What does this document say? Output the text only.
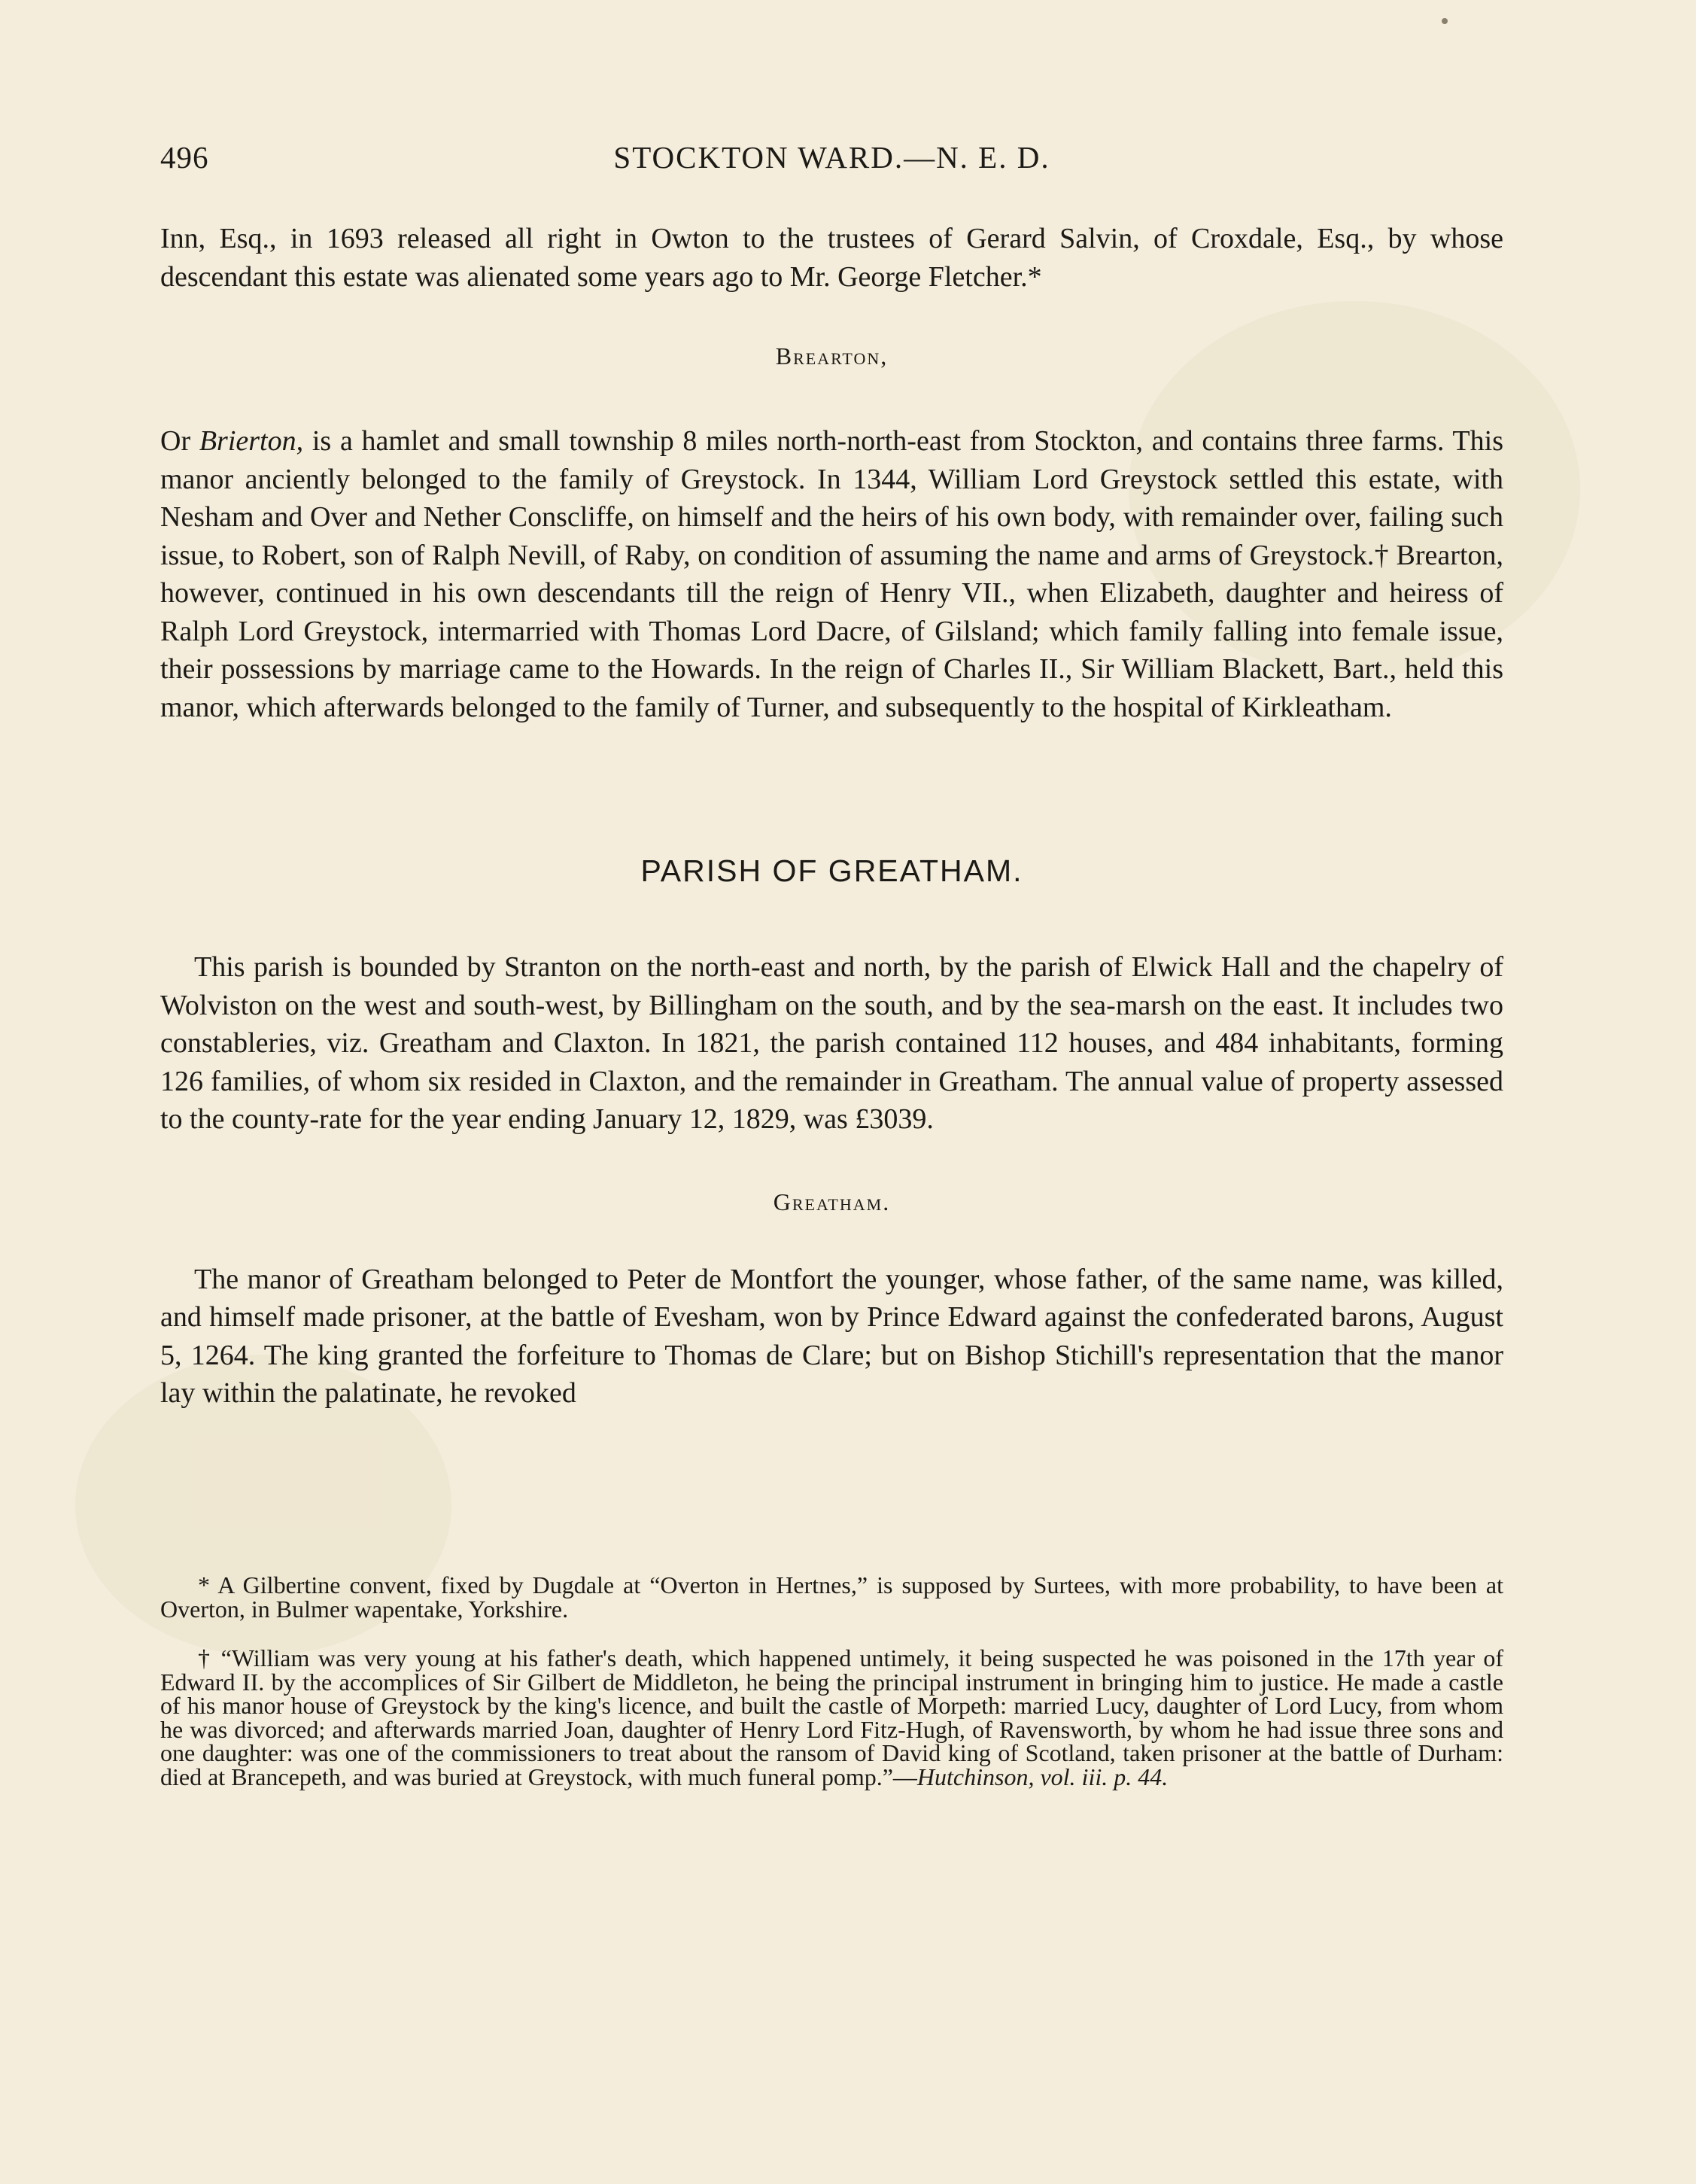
496	STOCKTON WARD.—N. E. D.

Inn, Esq., in 1693 released all right in Owton to the trustees of Gerard Salvin, of Croxdale, Esq., by whose descendant this estate was alienated some years ago to Mr. George Fletcher.*

Brearton,

Or Brierton, is a hamlet and small township 8 miles north-north-east from Stockton, and contains three farms. This manor anciently belonged to the family of Greystock. In 1344, William Lord Greystock settled this estate, with Nesham and Over and Nether Conscliffe, on himself and the heirs of his own body, with remainder over, failing such issue, to Robert, son of Ralph Nevill, of Raby, on condition of assuming the name and arms of Greystock.† Brearton, however, continued in his own descendants till the reign of Henry VII., when Elizabeth, daughter and heiress of Ralph Lord Greystock, intermarried with Thomas Lord Dacre, of Gilsland; which family falling into female issue, their possessions by marriage came to the Howards. In the reign of Charles II., Sir William Blackett, Bart., held this manor, which afterwards belonged to the family of Turner, and subsequently to the hospital of Kirkleatham.

PARISH OF GREATHAM.

This parish is bounded by Stranton on the north-east and north, by the parish of Elwick Hall and the chapelry of Wolviston on the west and south-west, by Billingham on the south, and by the sea-marsh on the east. It includes two constableries, viz. Greatham and Claxton. In 1821, the parish contained 112 houses, and 484 inhabitants, forming 126 families, of whom six resided in Claxton, and the remainder in Greatham. The annual value of property assessed to the county-rate for the year ending January 12, 1829, was £3039.

Greatham.

The manor of Greatham belonged to Peter de Montfort the younger, whose father, of the same name, was killed, and himself made prisoner, at the battle of Evesham, won by Prince Edward against the confederated barons, August 5, 1264. The king granted the forfeiture to Thomas de Clare; but on Bishop Stichill's representation that the manor lay within the palatinate, he revoked

* A Gilbertine convent, fixed by Dugdale at “Overton in Hertnes,” is supposed by Surtees, with more probability, to have been at Overton, in Bulmer wapentake, Yorkshire.

† “William was very young at his father's death, which happened untimely, it being suspected he was poisoned in the 17th year of Edward II. by the accomplices of Sir Gilbert de Middleton, he being the principal instrument in bringing him to justice. He made a castle of his manor house of Greystock by the king's licence, and built the castle of Morpeth: married Lucy, daughter of Lord Lucy, from whom he was divorced; and afterwards married Joan, daughter of Henry Lord Fitz-Hugh, of Ravensworth, by whom he had issue three sons and one daughter: was one of the commissioners to treat about the ransom of David king of Scotland, taken prisoner at the battle of Durham: died at Brancepeth, and was buried at Greystock, with much funeral pomp.”—Hutchinson, vol. iii. p. 44.
